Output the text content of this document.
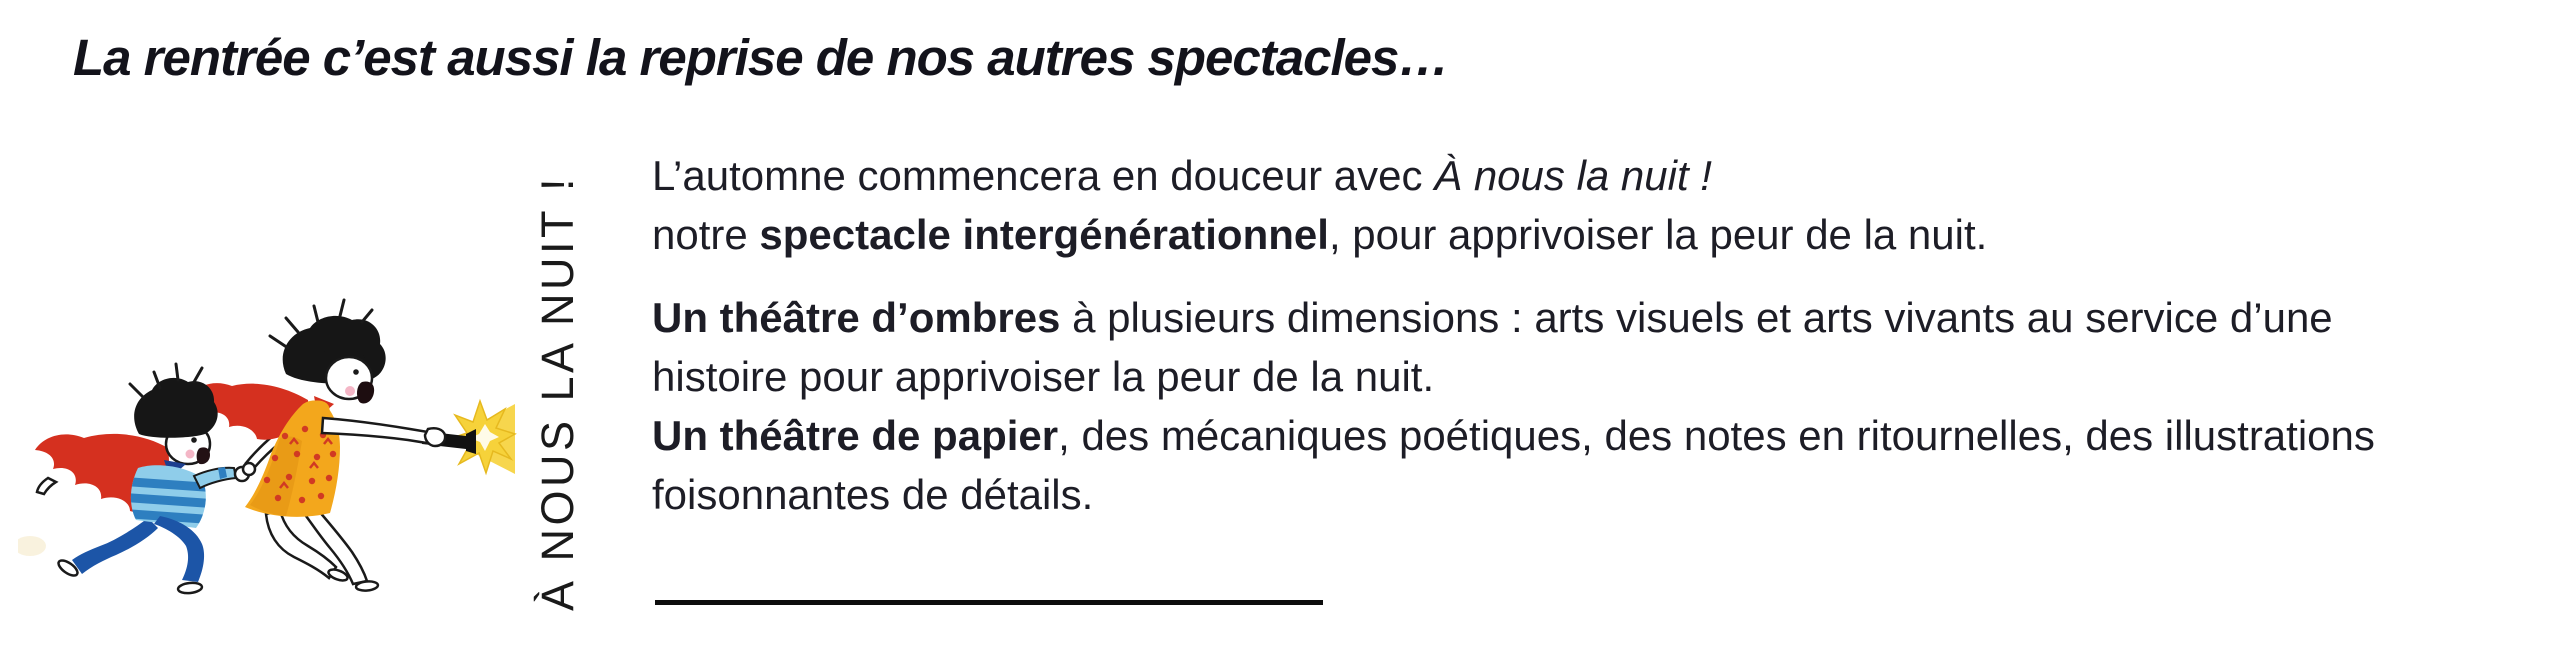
La rentrée c’est aussi la reprise de nos autres spectacles…
À NOUS LA NUIT ! L’automne commencera en douceur avec À nous la nuit !
notre spectacle intergénérationnel, pour apprivoiser la peur de la nuit.

Un théâtre d’ombres à plusieurs dimensions : arts visuels et arts vivants au service d’une histoire pour apprivoiser la peur de la nuit.

Un théâtre de papier, des mécaniques poétiques, des notes en ritournelles, des illustrations foisonnantes de détails.
